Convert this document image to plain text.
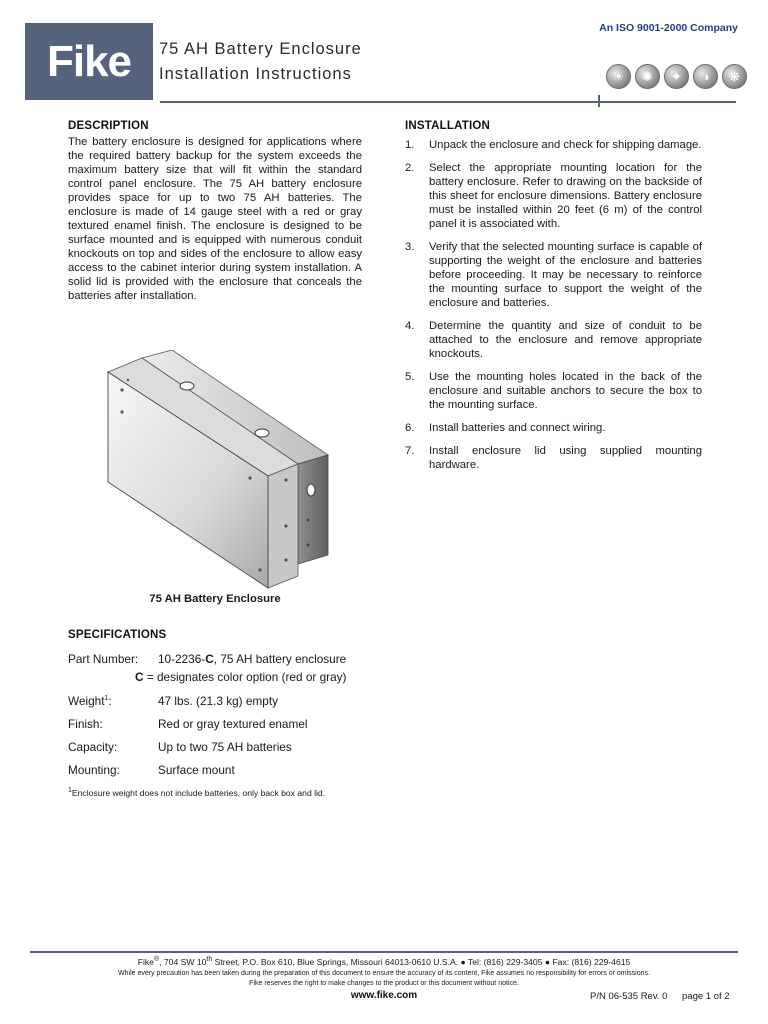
Fike 75 AH Battery Enclosure
Installation Instructions
An ISO 9001-2000 Company
☀ ✺ ✦ ◑ ❋
DESCRIPTION

The battery enclosure is designed for applications where the required battery backup for the system exceeds the maximum battery size that will fit within the standard control panel enclosure. The 75 AH battery enclosure provides space for up to two 75 AH batteries. The enclosure is made of 14 gauge steel with a red or gray textured enamel finish. The enclosure is designed to be surface mounted and is equipped with numerous conduit knockouts on top and sides of the enclosure to allow easy access to the cabinet interior during system installation. A solid lid is provided with the enclosure that conceals the batteries after installation.

75 AH Battery Enclosure
SPECIFICATIONS
Part Number: 10-2236-C, 75 AH battery enclosure
C = designates color option (red or gray)
Weight$^1$:	47 lbs. (21.3 kg) empty
Finish:	Red or gray textured enamel
Capacity:	Up to two 75 AH batteries
Mounting:	Surface mount
$^1$Enclosure weight does not include batteries, only back box and lid.
INSTALLATION
1. Unpack the enclosure and check for shipping damage.
2. Select the appropriate mounting location for the battery enclosure. Refer to drawing on the backside of this sheet for enclosure dimensions. Battery enclosure must be installed within 20 feet (6 m) of the control panel it is associated with.
3. Verify that the selected mounting surface is capable of supporting the weight of the enclosure and batteries before proceeding. It may be necessary to reinforce the mounting surface to support the weight of the enclosure and batteries.
4. Determine the quantity and size of conduit to be attached to the enclosure and remove appropriate knockouts.
5. Use the mounting holes located in the back of the enclosure and suitable anchors to secure the box to the mounting surface.
6. Install batteries and connect wiring.
7. Install enclosure lid using supplied mounting hardware.
Fike®, 704 SW 10th Street, P.O. Box 610, Blue Springs, Missouri 64013-0610 U.S.A. ● Tel: (816) 229-3405 ● Fax: (816) 229-4615
While every precaution has been taken during the preparation of this document to ensure the accuracy of its content, Fike assumes no responsibility for errors or omissions.
Fike reserves the right to make changes to the product or this document without notice.
www.fike.com	P/N 06-535 Rev. 0 page 1 of 2
